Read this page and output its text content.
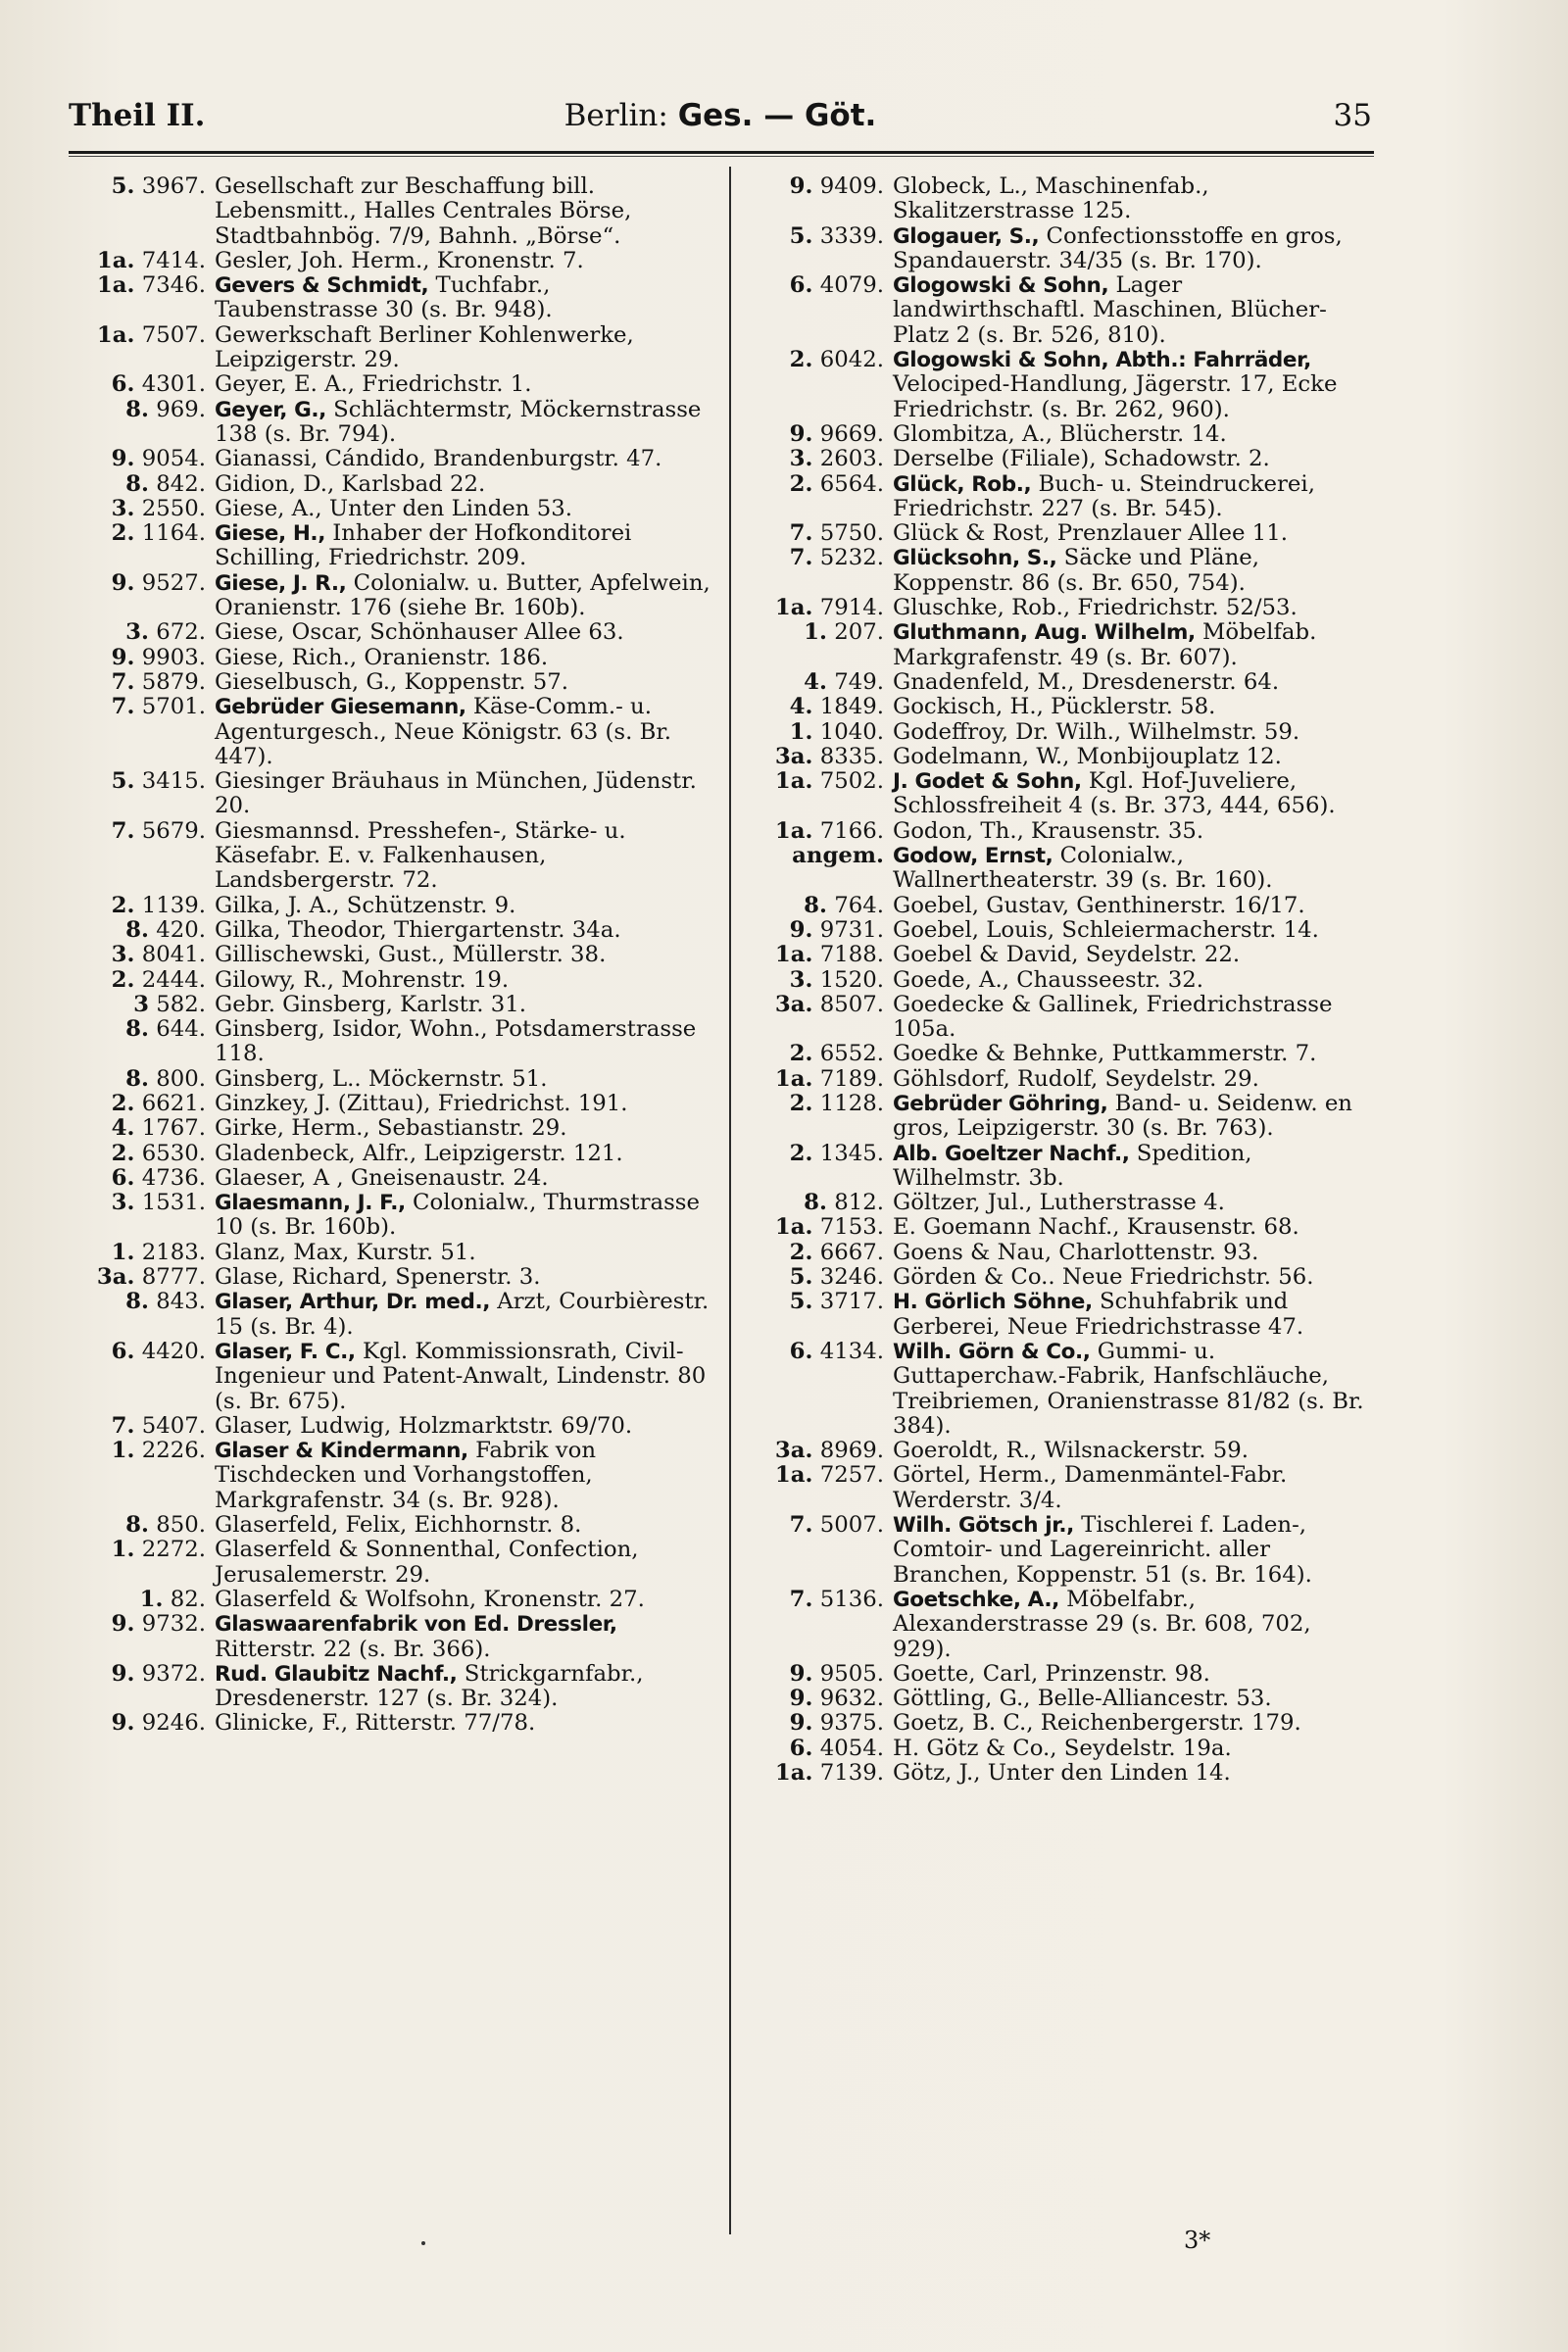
Theil II.	Berlin: Ges. — Göt.	35

5. 3967. Gesellschaft zur Beschaffung bill. Lebensmitt., Halles Centrales Börse, Stadtbahnbög. 7/9, Bahnh. „Börse“.

1a. 7414. Gesler, Joh. Herm., Kronenstr. 7.

1a. 7346. Gevers & Schmidt, Tuchfabr., Taubenstrasse 30 (s. Br. 948).

1a. 7507. Gewerkschaft Berliner Kohlenwerke, Leipzigerstr. 29.

6. 4301. Geyer, E. A., Friedrichstr. 1.

8. 969. Geyer, G., Schlächtermstr, Möckernstrasse 138 (s. Br. 794).

9. 9054. Gianassi, Cándido, Brandenburgstr. 47.

8. 842. Gidion, D., Karlsbad 22.

3. 2550. Giese, A., Unter den Linden 53.

2. 1164. Giese, H., Inhaber der Hofkonditorei Schilling, Friedrichstr. 209.

9. 9527. Giese, J. R., Colonialw. u. Butter, Apfelwein, Oranienstr. 176 (siehe Br. 160b).

3. 672. Giese, Oscar, Schönhauser Allee 63.

9. 9903. Giese, Rich., Oranienstr. 186.

7. 5879. Gieselbusch, G., Koppenstr. 57.

7. 5701. Gebrüder Giesemann, Käse-Comm.- u. Agenturgesch., Neue Königstr. 63 (s. Br. 447).

5. 3415. Giesinger Bräuhaus in München, Jüdenstr. 20.

7. 5679. Giesmannsd. Presshefen-, Stärke- u. Käsefabr. E. v. Falkenhausen, Landsbergerstr. 72.

2. 1139. Gilka, J. A., Schützenstr. 9.

8. 420. Gilka, Theodor, Thiergartenstr. 34a.

3. 8041. Gillischewski, Gust., Müllerstr. 38.

2. 2444. Gilowy, R., Mohrenstr. 19.

3 582. Gebr. Ginsberg, Karlstr. 31.

8. 644. Ginsberg, Isidor, Wohn., Potsdamerstrasse 118.

8. 800. Ginsberg, L.. Möckernstr. 51.

2. 6621. Ginzkey, J. (Zittau), Friedrichst. 191.

4. 1767. Girke, Herm., Sebastianstr. 29.

2. 6530. Gladenbeck, Alfr., Leipzigerstr. 121.

6. 4736. Glaeser, A , Gneisenaustr. 24.

3. 1531. Glaesmann, J. F., Colonialw., Thurmstrasse 10 (s. Br. 160b).

1. 2183. Glanz, Max, Kurstr. 51.

3a. 8777. Glase, Richard, Spenerstr. 3.

8. 843. Glaser, Arthur, Dr. med., Arzt, Courbièrestr. 15 (s. Br. 4).

6. 4420. Glaser, F. C., Kgl. Kommissionsrath, Civil-Ingenieur und Patent-Anwalt, Lindenstr. 80 (s. Br. 675).

7. 5407. Glaser, Ludwig, Holzmarktstr. 69/70.

1. 2226. Glaser & Kindermann, Fabrik von Tischdecken und Vorhangstoffen, Markgrafenstr. 34 (s. Br. 928).

8. 850. Glaserfeld, Felix, Eichhornstr. 8.

1. 2272. Glaserfeld & Sonnenthal, Confection, Jerusalemerstr. 29.

1. 82. Glaserfeld & Wolfsohn, Kronenstr. 27.

9. 9732. Glaswaarenfabrik von Ed. Dressler, Ritterstr. 22 (s. Br. 366).

9. 9372. Rud. Glaubitz Nachf., Strickgarnfabr., Dresdenerstr. 127 (s. Br. 324).

9. 9246. Glinicke, F., Ritterstr. 77/78.

9. 9409. Globeck, L., Maschinenfab., Skalitzerstrasse 125.

5. 3339. Glogauer, S., Confectionsstoffe en gros, Spandauerstr. 34/35 (s. Br. 170).

6. 4079. Glogowski & Sohn, Lager landwirthschaftl. Maschinen, Blücher-Platz 2 (s. Br. 526, 810).

2. 6042. Glogowski & Sohn, Abth.: Fahrräder, Velociped-Handlung, Jägerstr. 17, Ecke Friedrichstr. (s. Br. 262, 960).

9. 9669. Glombitza, A., Blücherstr. 14.

3. 2603. Derselbe (Filiale), Schadowstr. 2.

2. 6564. Glück, Rob., Buch- u. Steindruckerei, Friedrichstr. 227 (s. Br. 545).

7. 5750. Glück & Rost, Prenzlauer Allee 11.

7. 5232. Glücksohn, S., Säcke und Pläne, Koppenstr. 86 (s. Br. 650, 754).

1a. 7914. Gluschke, Rob., Friedrichstr. 52/53.

1. 207. Gluthmann, Aug. Wilhelm, Möbelfab. Markgrafenstr. 49 (s. Br. 607).

4. 749. Gnadenfeld, M., Dresdenerstr. 64.

4. 1849. Gockisch, H., Pücklerstr. 58.

1. 1040. Godeffroy, Dr. Wilh., Wilhelmstr. 59.

3a. 8335. Godelmann, W., Monbijouplatz 12.

1a. 7502. J. Godet & Sohn, Kgl. Hof-Juveliere, Schlossfreiheit 4 (s. Br. 373, 444, 656).

1a. 7166. Godon, Th., Krausenstr. 35.

angem. Godow, Ernst, Colonialw., Wallnertheaterstr. 39 (s. Br. 160).

8. 764. Goebel, Gustav, Genthinerstr. 16/17.

9. 9731. Goebel, Louis, Schleiermacherstr. 14.

1a. 7188. Goebel & David, Seydelstr. 22.

3. 1520. Goede, A., Chausseestr. 32.

3a. 8507. Goedecke & Gallinek, Friedrichstrasse 105a.

2. 6552. Goedke & Behnke, Puttkammerstr. 7.

1a. 7189. Göhlsdorf, Rudolf, Seydelstr. 29.

2. 1128. Gebrüder Göhring, Band- u. Seidenw. en gros, Leipzigerstr. 30 (s. Br. 763).

2. 1345. Alb. Goeltzer Nachf., Spedition, Wilhelmstr. 3b.

8. 812. Göltzer, Jul., Lutherstrasse 4.

1a. 7153. E. Goemann Nachf., Krausenstr. 68.

2. 6667. Goens & Nau, Charlottenstr. 93.

5. 3246. Görden & Co.. Neue Friedrichstr. 56.

5. 3717. H. Görlich Söhne, Schuhfabrik und Gerberei, Neue Friedrichstrasse 47.

6. 4134. Wilh. Görn & Co., Gummi- u. Guttaperchaw.-Fabrik, Hanfschläuche, Treibriemen, Oranienstrasse 81/82 (s. Br. 384).

3a. 8969. Goeroldt, R., Wilsnackerstr. 59.

1a. 7257. Görtel, Herm., Damenmäntel-Fabr. Werderstr. 3/4.

7. 5007. Wilh. Götsch jr., Tischlerei f. Laden-, Comtoir- und Lagereinricht. aller Branchen, Koppenstr. 51 (s. Br. 164).

7. 5136. Goetschke, A., Möbelfabr., Alexanderstrasse 29 (s. Br. 608, 702, 929).

9. 9505. Goette, Carl, Prinzenstr. 98.

9. 9632. Göttling, G., Belle-Alliancestr. 53.

9. 9375. Goetz, B. C., Reichenbergerstr. 179.

6. 4054. H. Götz & Co., Seydelstr. 19a.

1a. 7139. Götz, J., Unter den Linden 14.

3*
